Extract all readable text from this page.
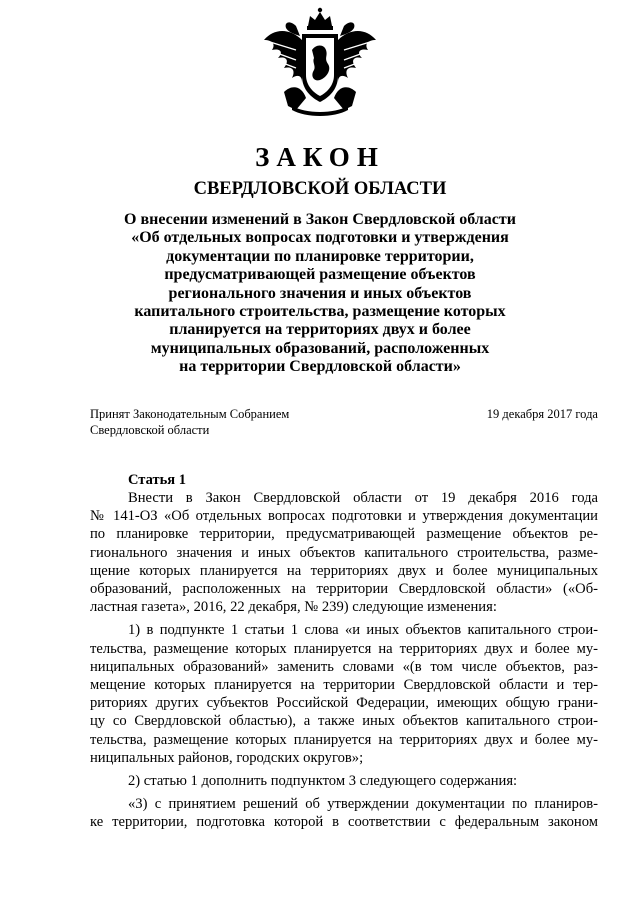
ЗАКОН
СВЕРДЛОВСКОЙ ОБЛАСТИ
О внесении изменений в Закон Свердловской области
«Об отдельных вопросах подготовки и утверждения
документации по планировке территории,
предусматривающей размещение объектов
регионального значения и иных объектов
капитального строительства, размещение которых
планируется на территориях двух и более
муниципальных образований, расположенных
на территории Свердловской области»
Принят Законодательным Собранием
Свердловской области
19 декабря 2017 года
Статья 1

Внести в Закон Свердловской области от 19 декабря 2016 года
№ 141-ОЗ «Об отдельных вопросах подготовки и утверждения документации
по планировке территории, предусматривающей размещение объектов ре-
гионального значения и иных объектов капитального строительства, разме-
щение которых планируется на территориях двух и более муниципальных
образований, расположенных на территории Свердловской области» («Об-
ластная газета», 2016, 22 декабря, № 239) следующие изменения:

1) в подпункте 1 статьи 1 слова «и иных объектов капитального строи-
тельства, размещение которых планируется на территориях двух и более му-
ниципальных образований» заменить словами «(в том числе объектов, раз-
мещение которых планируется на территории Свердловской области и тер-
риториях других субъектов Российской Федерации, имеющих общую грани-
цу со Свердловской областью), а также иных объектов капитального строи-
тельства, размещение которых планируется на территориях двух и более му-
ниципальных районов, городских округов»;

2) статью 1 дополнить подпунктом 3 следующего содержания:

«3) с принятием решений об утверждении документации по планиров-
ке территории, подготовка которой в соответствии с федеральным законом
